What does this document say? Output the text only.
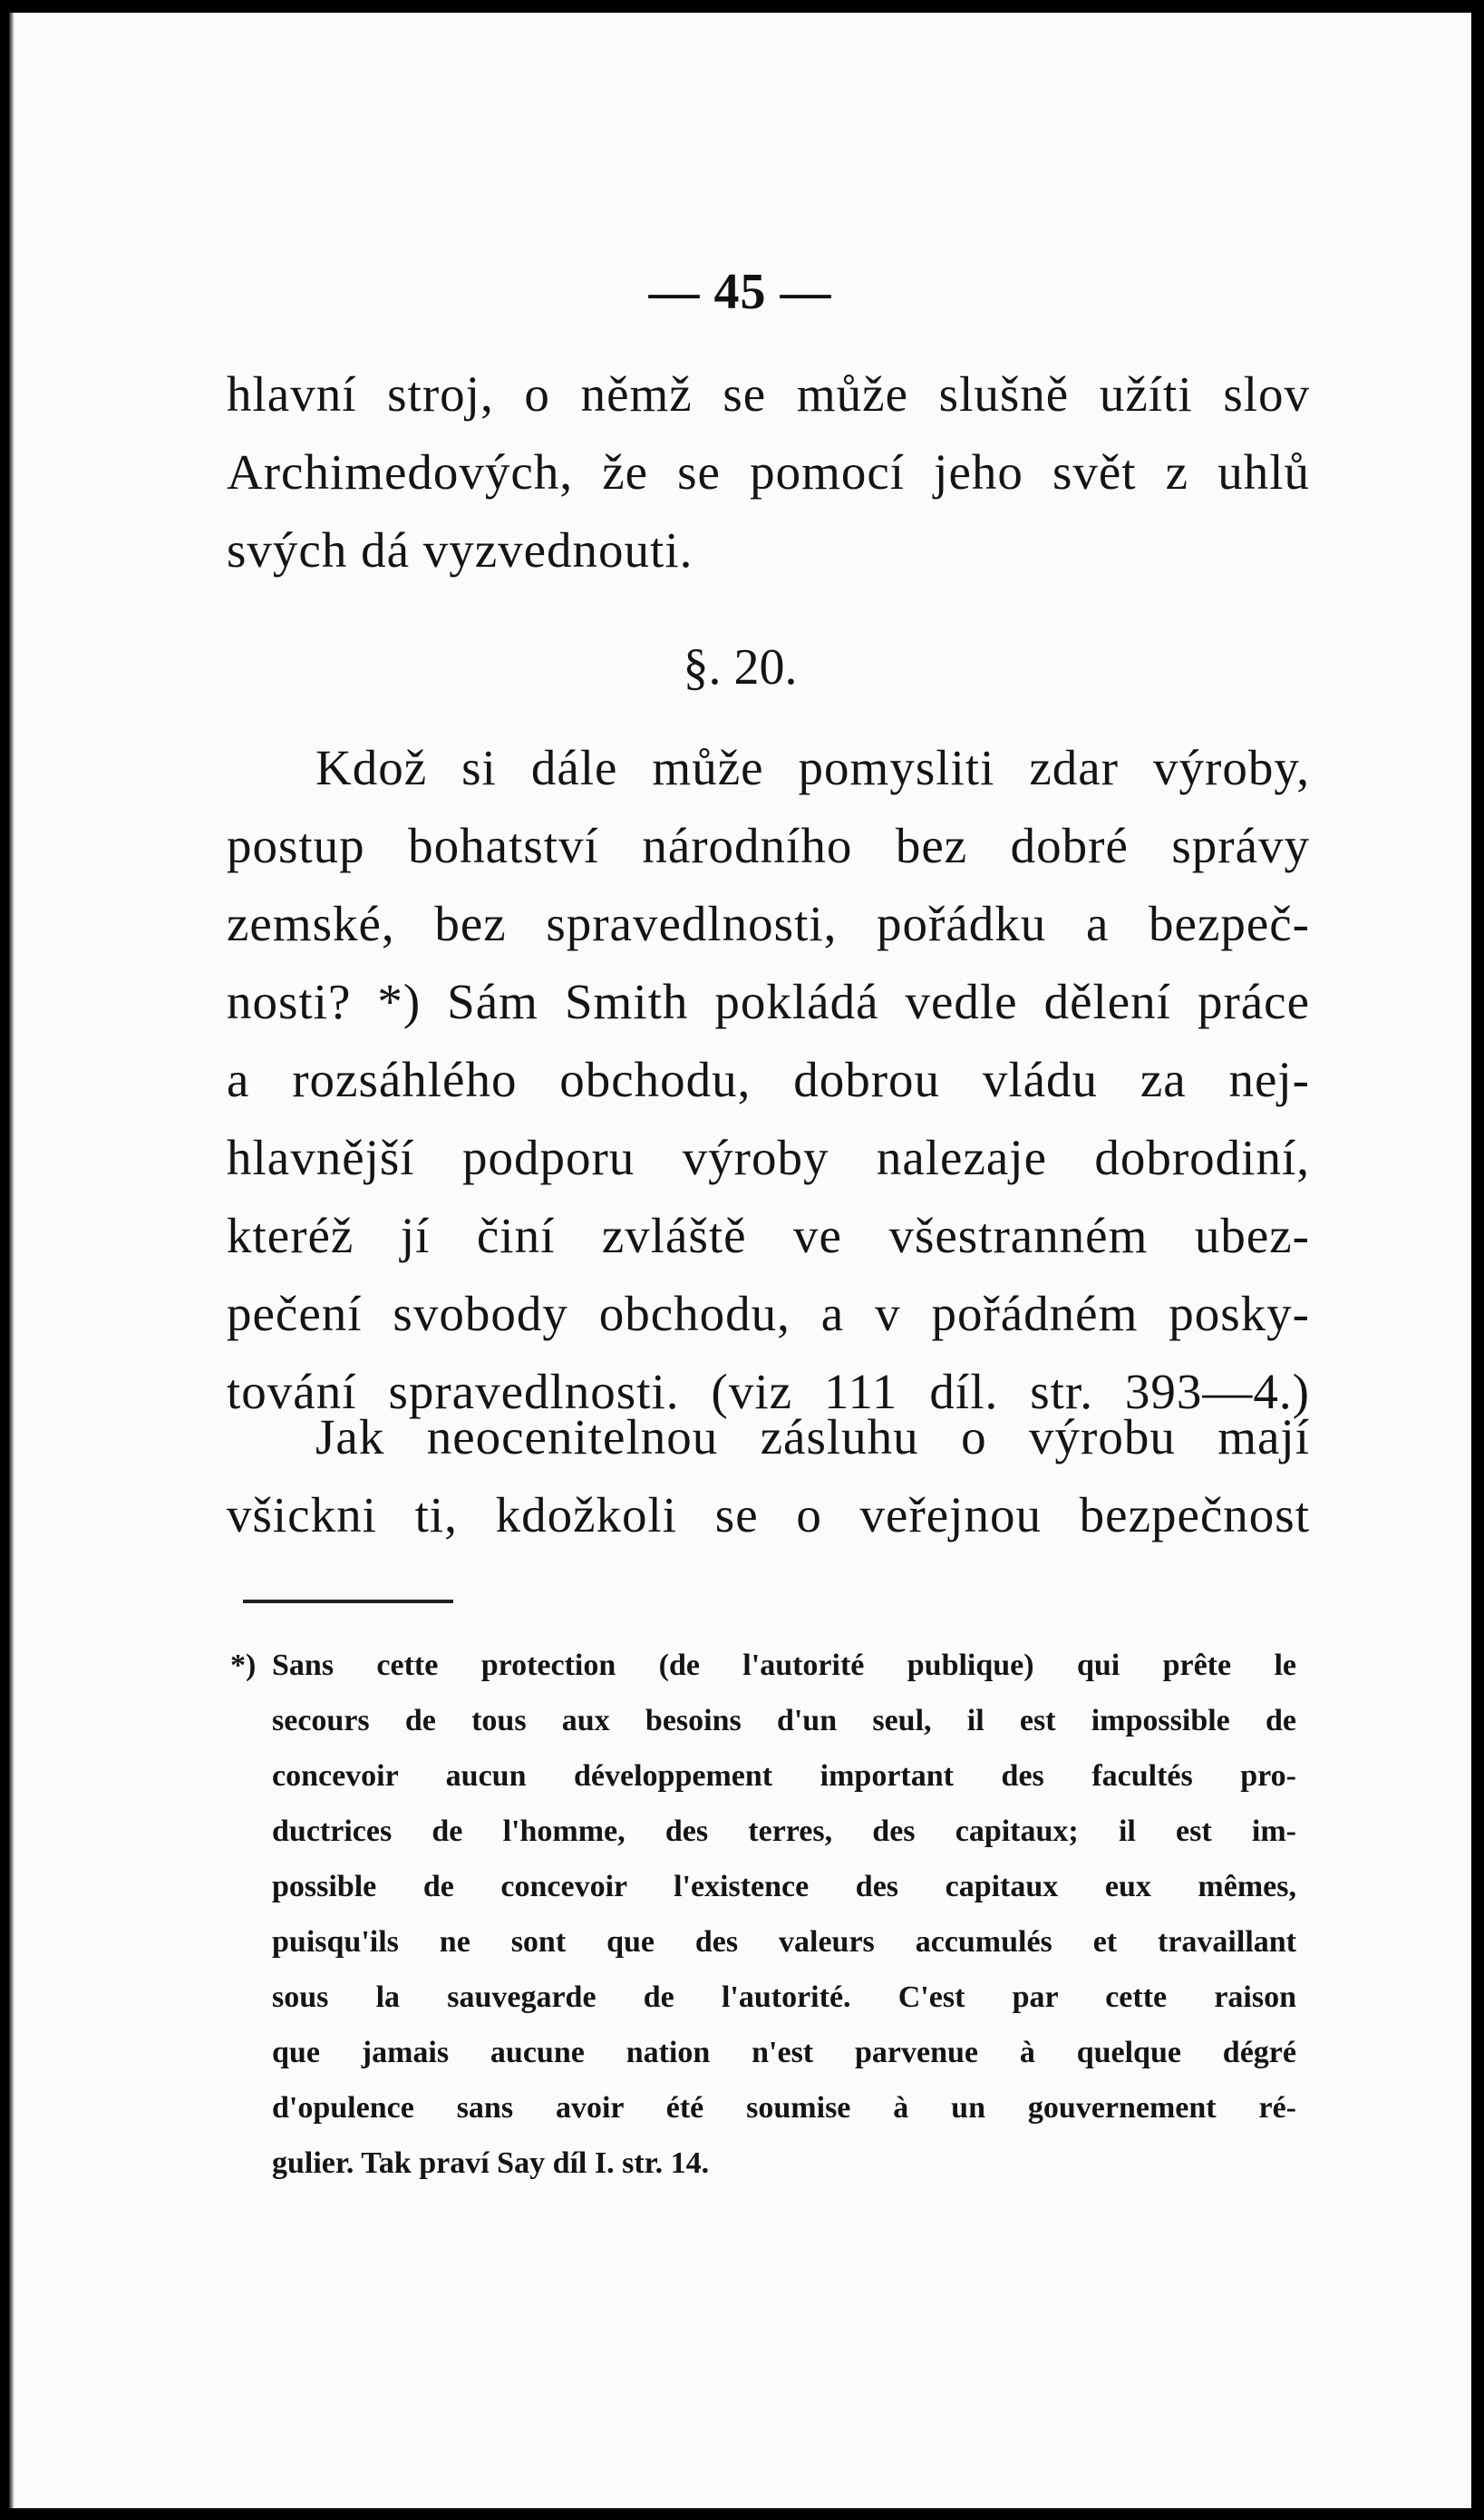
— 45 —
hlavní stroj, o němž se může slušně užíti slov
Archimedových, že se pomocí jeho svět z uhlů
svých dá vyzvednouti.
§. 20.
Kdož si dále může pomysliti zdar výroby,
postup bohatství národního bez dobré správy
zemské, bez spravedlnosti, pořádku a bezpeč-
nosti? *) Sám Smith pokládá vedle dělení práce
a rozsáhlého obchodu, dobrou vládu za nej-
hlavnější podporu výroby nalezaje dobrodiní,
kteréž jí činí zvláště ve všestranném ubez-
pečení svobody obchodu, a v pořádném posky-
tování spravedlnosti. (viz 111 díl. str. 393—4.)
Jak neocenitelnou zásluhu o výrobu mají
všickni ti, kdožkoli se o veřejnou bezpečnost
*) Sans cette protection (de l'autorité publique) qui prête le
secours de tous aux besoins d'un seul, il est impossible de
concevoir aucun développement important des facultés pro-
ductrices de l'homme, des terres, des capitaux; il est im-
possible de concevoir l'existence des capitaux eux mêmes,
puisqu'ils ne sont que des valeurs accumulés et travaillant
sous la sauvegarde de l'autorité. C'est par cette raison
que jamais aucune nation n'est parvenue à quelque dégré
d'opulence sans avoir été soumise à un gouvernement ré-
gulier. Tak praví Say díl I. str. 14.
